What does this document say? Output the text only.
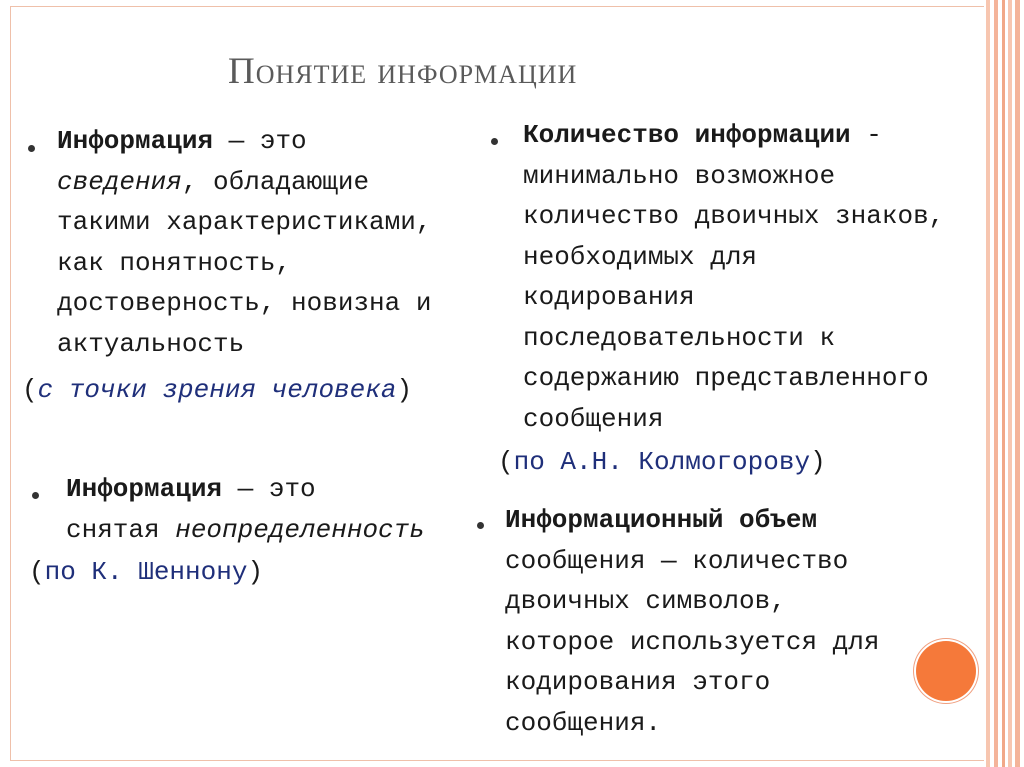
Понятие информации
Информация — это
сведения, обладающие
такими характеристиками,
как понятность,
достоверность, новизна и
актуальность
(с точки зрения человека)
Информация — это
снятая неопределенность
(по К. Шеннону)
Количество информации -
минимально возможное
количество двоичных знаков,
необходимых для
кодирования
последовательности к
содержанию представленного
сообщения
(по А.Н. Колмогорову)
Информационный объем
сообщения — количество
двоичных символов,
которое используется для
кодирования этого
сообщения.
